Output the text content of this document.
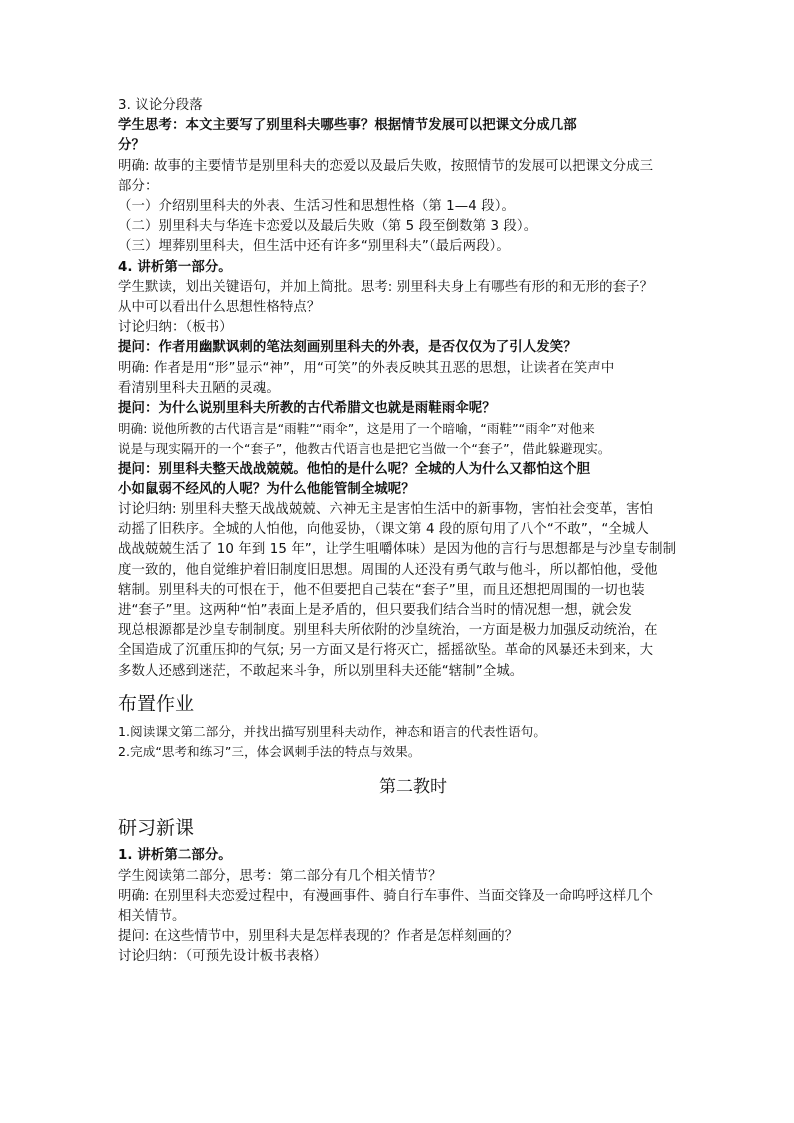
3. 议论分段落

学生思考：本文主要写了别里科夫哪些事？根据情节发展可以把课文分成几部

分？

明确: 故事的主要情节是别里科夫的恋爱以及最后失败，按照情节的发展可以把课文分成三

部分：

（一）介绍别里科夫的外表、生活习性和思想性格（第 1—4 段）。

（二）别里科夫与华连卡恋爱以及最后失败（第 5 段至倒数第 3 段）。

（三）埋葬别里科夫，但生活中还有许多“别里科夫”（最后两段）。

4. 讲析第一部分。

学生默读，划出关键语句，并加上简批。思考: 别里科夫身上有哪些有形的和无形的套子？

从中可以看出什么思想性格特点？

讨论归纳：（板书）

提问：作者用幽默讽刺的笔法刻画别里科夫的外表，是否仅仅为了引人发笑？

明确: 作者是用“形”显示“神”，用“可笑”的外表反映其丑恶的思想，让读者在笑声中

看清别里科夫丑陋的灵魂。

提问：为什么说别里科夫所教的古代希腊文也就是雨鞋雨伞呢？

明确: 说他所教的古代语言是“雨鞋”“雨伞”，这是用了一个暗喻，“雨鞋”“雨伞”对他来

说是与现实隔开的一个“套子”，他教古代语言也是把它当做一个“套子”，借此躲避现实。

提问：别里科夫整天战战兢兢。他怕的是什么呢？全城的人为什么又都怕这个胆

小如鼠弱不经风的人呢？为什么他能管制全城呢？

讨论归纳: 别里科夫整天战战兢兢、六神无主是害怕生活中的新事物，害怕社会变革，害怕

动摇了旧秩序。全城的人怕他，向他妥协，（课文第 4 段的原句用了八个“不敢”，“全城人

战战兢兢生活了 10 年到 15 年”，让学生咀嚼体味）是因为他的言行与思想都是与沙皇专制制

度一致的，他自觉维护着旧制度旧思想。周围的人还没有勇气敢与他斗，所以都怕他，受他

辖制。别里科夫的可恨在于，他不但要把自己装在“套子”里，而且还想把周围的一切也装

进“套子”里。这两种“怕”表面上是矛盾的，但只要我们结合当时的情况想一想，就会发

现总根源都是沙皇专制制度。别里科夫所依附的沙皇统治，一方面是极力加强反动统治，在

全国造成了沉重压抑的气氛; 另一方面又是行将灭亡，摇摇欲坠。革命的风暴还未到来，大

多数人还感到迷茫，不敢起来斗争，所以别里科夫还能“辖制”全城。

布置作业

1.阅读课文第二部分，并找出描写别里科夫动作，神态和语言的代表性语句。

2.完成“思考和练习”三，体会讽刺手法的特点与效果。

第二教时

研习新课

1. 讲析第二部分。

学生阅读第二部分，思考：第二部分有几个相关情节？

明确: 在别里科夫恋爱过程中，有漫画事件、骑自行车事件、当面交锋及一命呜呼这样几个

相关情节。

提问: 在这些情节中，别里科夫是怎样表现的？作者是怎样刻画的？

讨论归纳：（可预先设计板书表格）
